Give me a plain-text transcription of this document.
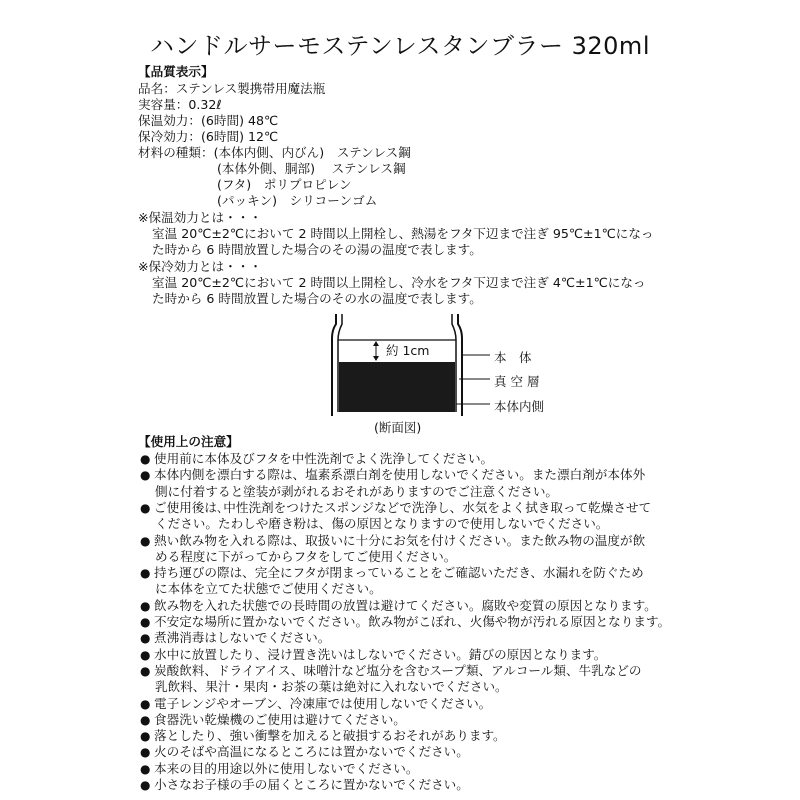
ハンドルサーモステンレスタンブラー 320ml
【品質表示】
品名：ステンレス製携帯用魔法瓶
実容量：0.32ℓ
保温効力：(6時間) 48℃
保冷効力：(6時間) 12℃
材料の種類：(本体内側、内びん)　ステンレス鋼
(本体外側、胴部)　 ステンレス鋼
(フタ)　ポリプロピレン
(パッキン)　シリコーンゴム
※保温効力とは・・・
室温 20℃±2℃において 2 時間以上開栓し、熱湯をフタ下辺まで注ぎ 95℃±1℃になっ
た時から 6 時間放置した場合のその湯の温度で表します。
※保冷効力とは・・・
室温 20℃±2℃において 2 時間以上開栓し、冷水をフタ下辺まで注ぎ 4℃±1℃になっ
た時から 6 時間放置した場合のその水の温度で表します。
約 1cm	本　体
真 空 層
本体内側
(断面図)
【使用上の注意】
● 使用前に本体及びフタを中性洗剤でよく洗浄してください。
● 本体内側を漂白する際は、塩素系漂白剤を使用しないでください。また漂白剤が本体外
側に付着すると塗装が剥がれるおそれがありますのでご注意ください。
● ご使用後は､中性洗剤をつけたスポンジなどで洗浄し、水気をよく拭き取って乾燥させて
ください。たわしや磨き粉は、傷の原因となりますので使用しないでください。
● 熱い飲み物を入れる際は、取扱いに十分にお気を付けください。また飲み物の温度が飲
める程度に下がってからフタをしてご使用ください。
● 持ち運びの際は、完全にフタが閉まっていることをご確認いただき、水漏れを防ぐため
に本体を立てた状態でご使用ください。
● 飲み物を入れた状態での長時間の放置は避けてください。腐敗や変質の原因となります。
● 不安定な場所に置かないでください。飲み物がこぼれ、火傷や物が汚れる原因となります。
● 煮沸消毒はしないでください。
● 水中に放置したり、浸け置き洗いはしないでください。錆びの原因となります。
● 炭酸飲料、ドライアイス、味噌汁など塩分を含むスープ類、アルコール類、牛乳などの
乳飲料、果汁・果肉・お茶の葉は絶対に入れないでください。
● 電子レンジやオーブン、冷凍庫では使用しないでください。
● 食器洗い乾燥機のご使用は避けてください。
● 落としたり、強い衝撃を加えると破損するおそれがあります。
● 火のそばや高温になるところには置かないでください。
● 本来の目的用途以外に使用しないでください。
● 小さなお子様の手の届くところに置かないでください。
